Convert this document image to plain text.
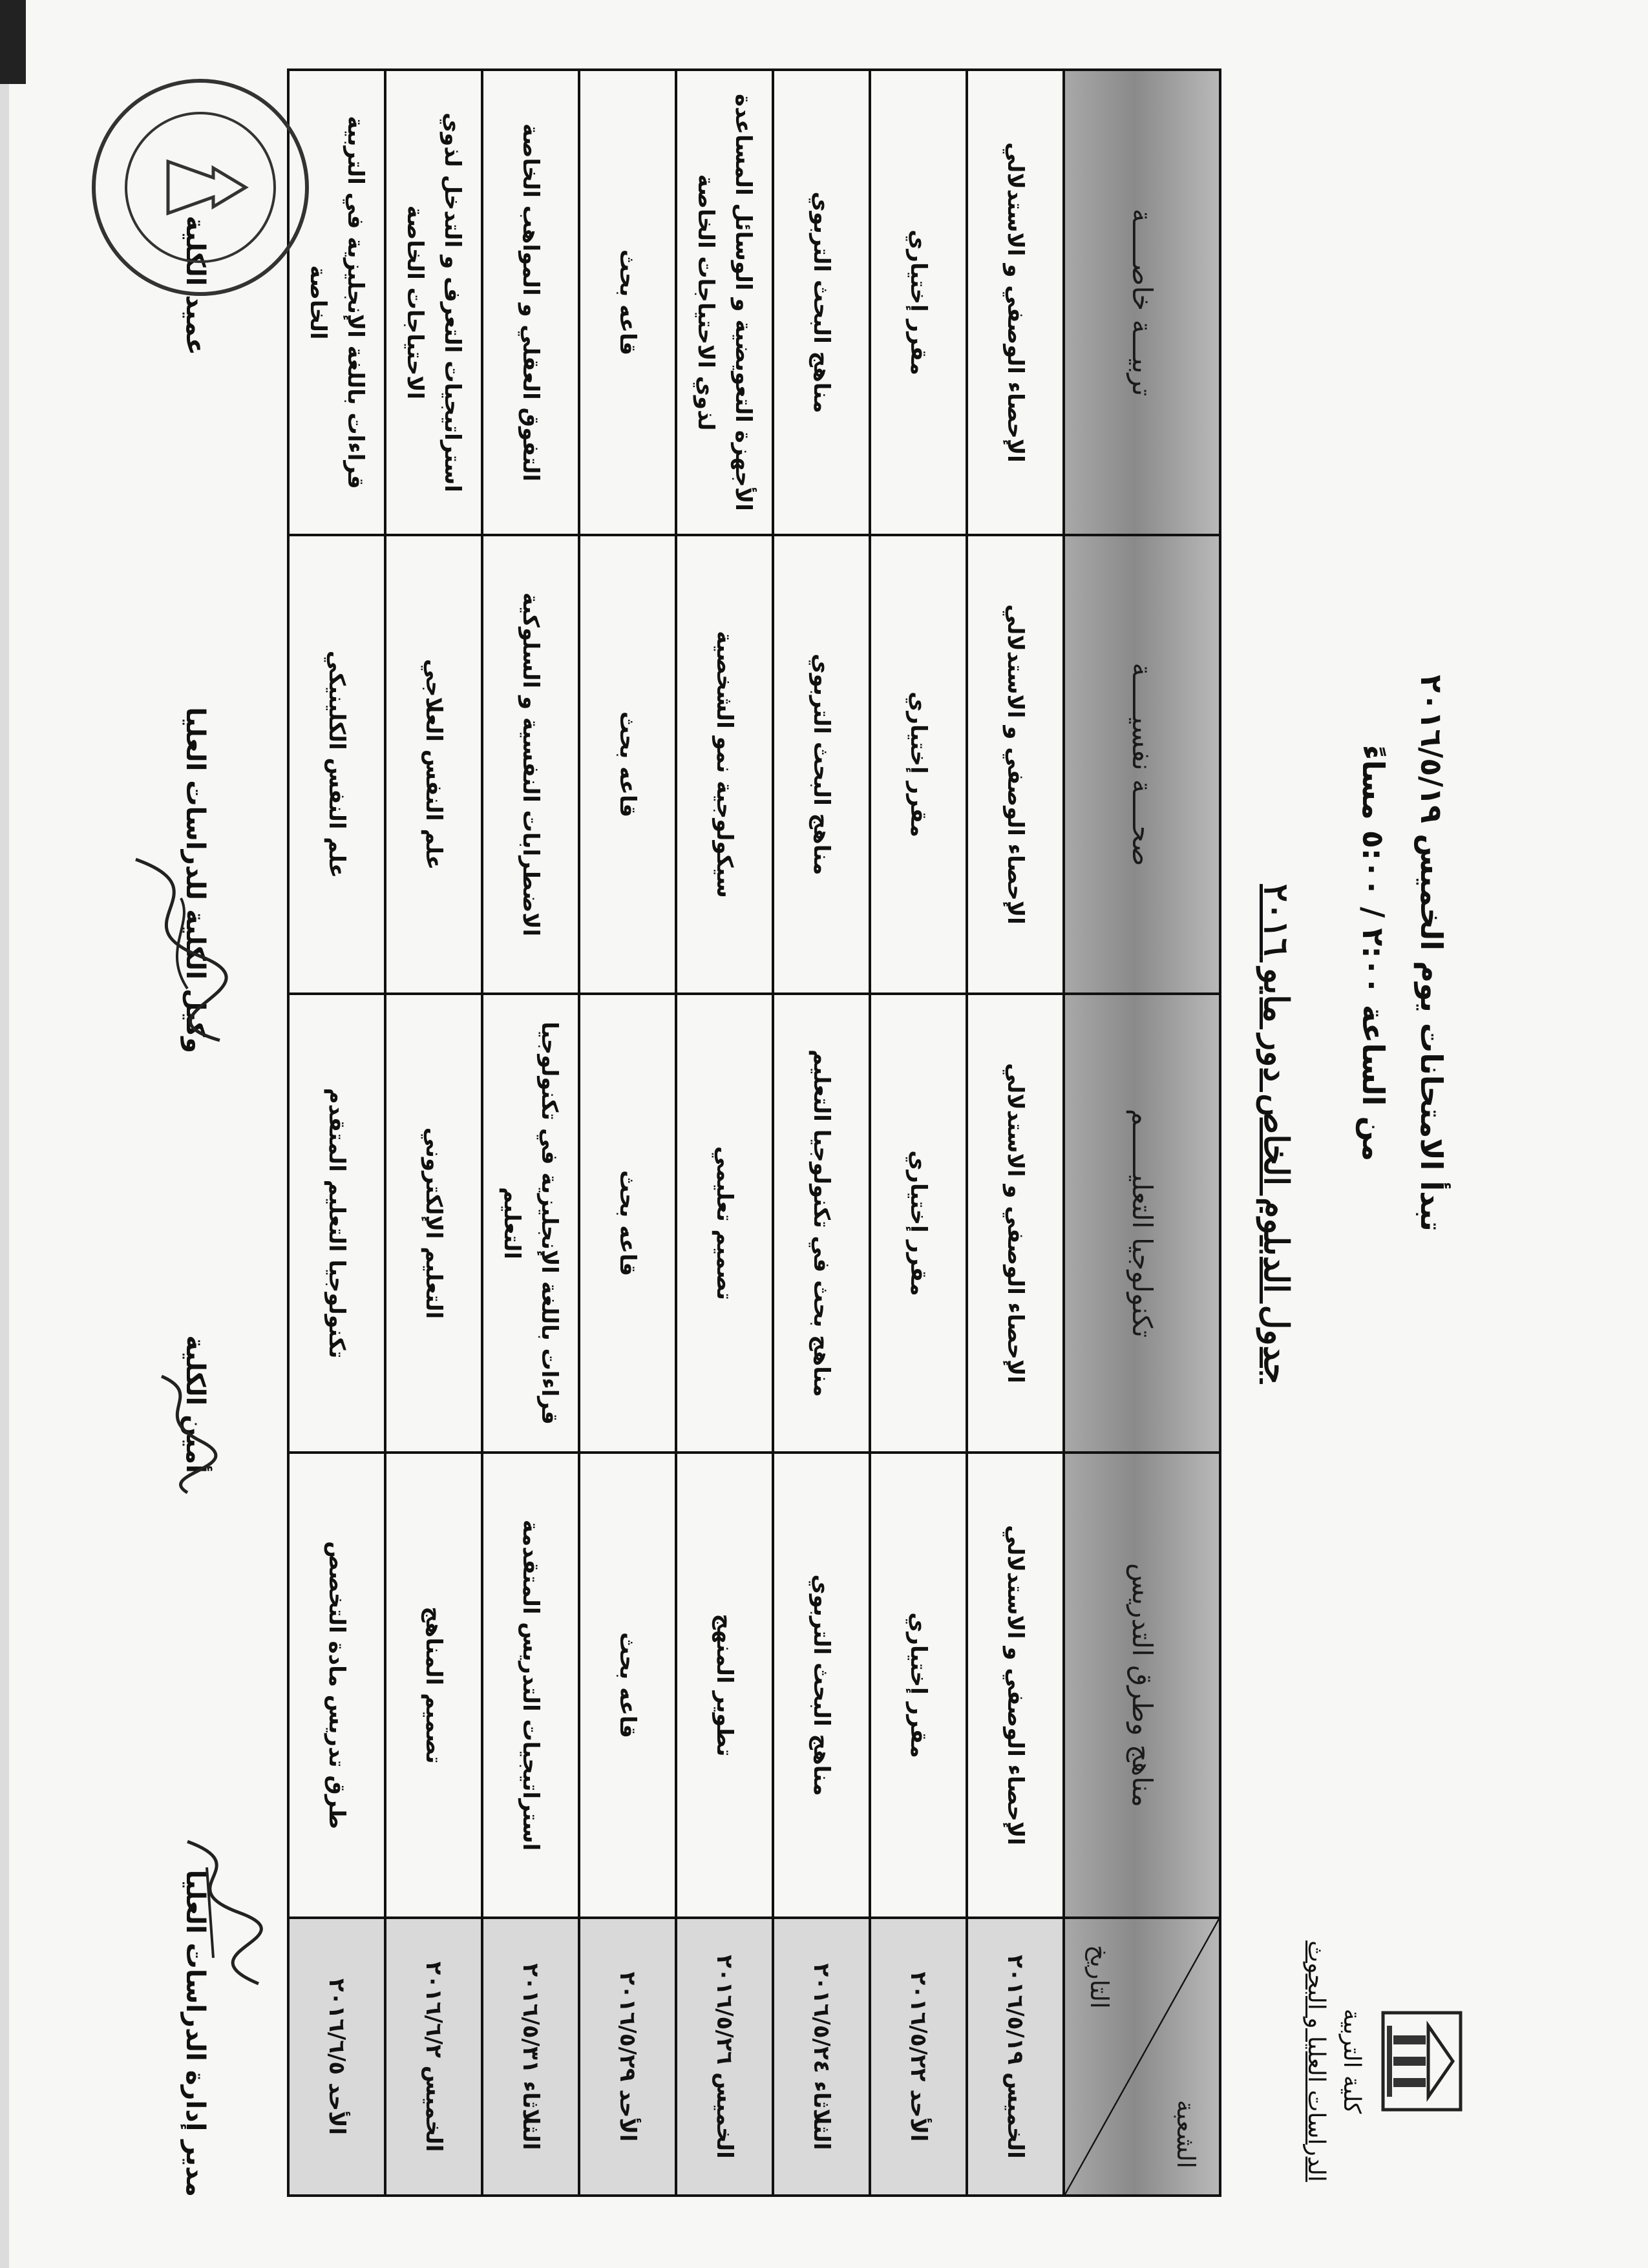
كلية التربية
الدراسات العليا و البحوث
جدول الدبلوم الخاص دور مايو ٢٠١٦
الشعبة
التاريخ	مناهج وطرق التدريس	تكنولوجيا التعليــــــم	صحــــة نفسيـــــة	تربيـــة خاصـــــة
الخميس ٢٠١٦/٥/١٩	الإحصاء الوصفي و الاستدلالي	الإحصاء الوصفي و الاستدلالي	الإحصاء الوصفي و الاستدلالي	الإحصاء الوصفي و الاستدلالي
الأحد ٢٠١٦/٥/٢٢	مقرر إختياري	مقرر إختياري	مقرر إختياري	مقرر إختياري
الثلاثاء ٢٠١٦/٥/٢٤	مناهج البحث التربوي	مناهج بحث في تكنولوجيا التعليم	مناهج البحث التربوي	مناهج البحث التربوي
الخميس ٢٠١٦/٥/٢٦	تطوير المنهج	تصميم تعليمي	سيكولوجية نمو الشخصية	الأجهزة التعويضية و الوسائل المساعدة لذوي الاحتياجات الخاصة
الأحد ٢٠١٦/٥/٢٩	قاعه بحث	قاعه بحث	قاعه بحث	قاعه بحث
الثلاثاء ٢٠١٦/٥/٣١	استراتيجيات التدريس المتقدمة	قراءات باللغة الإنجليزية في تكنولوجيا التعليم	الاضطرابات النفسية و السلوكية	التفوق العقلي و المواهب الخاصة
الخميس ٢٠١٦/٦/٢	تصميم المناهج	التعليم الإلكتروني	علم النفس العلاجي	استراتيجيات التعرف و التدخل لذوي الاحتياجات الخاصة
الأحد ٢٠١٦/٦/٥	طرق تدريس مادة التخصص	تكنولوجيا التعليم المتقدم	علم النفس الكلينيكي	قراءات باللغة الإنجليزية في التربية الخاصة
مدير إدارة الدراسات العليا
أمين الكلية
وكيل الكلية للدراسات العليا
عميد الكلية
تبدأ الامتحانات يوم الخميس ٢٠١٦/٥/١٩
من الساعة ٢:٠٠ / ٥:٠٠ مساءً
